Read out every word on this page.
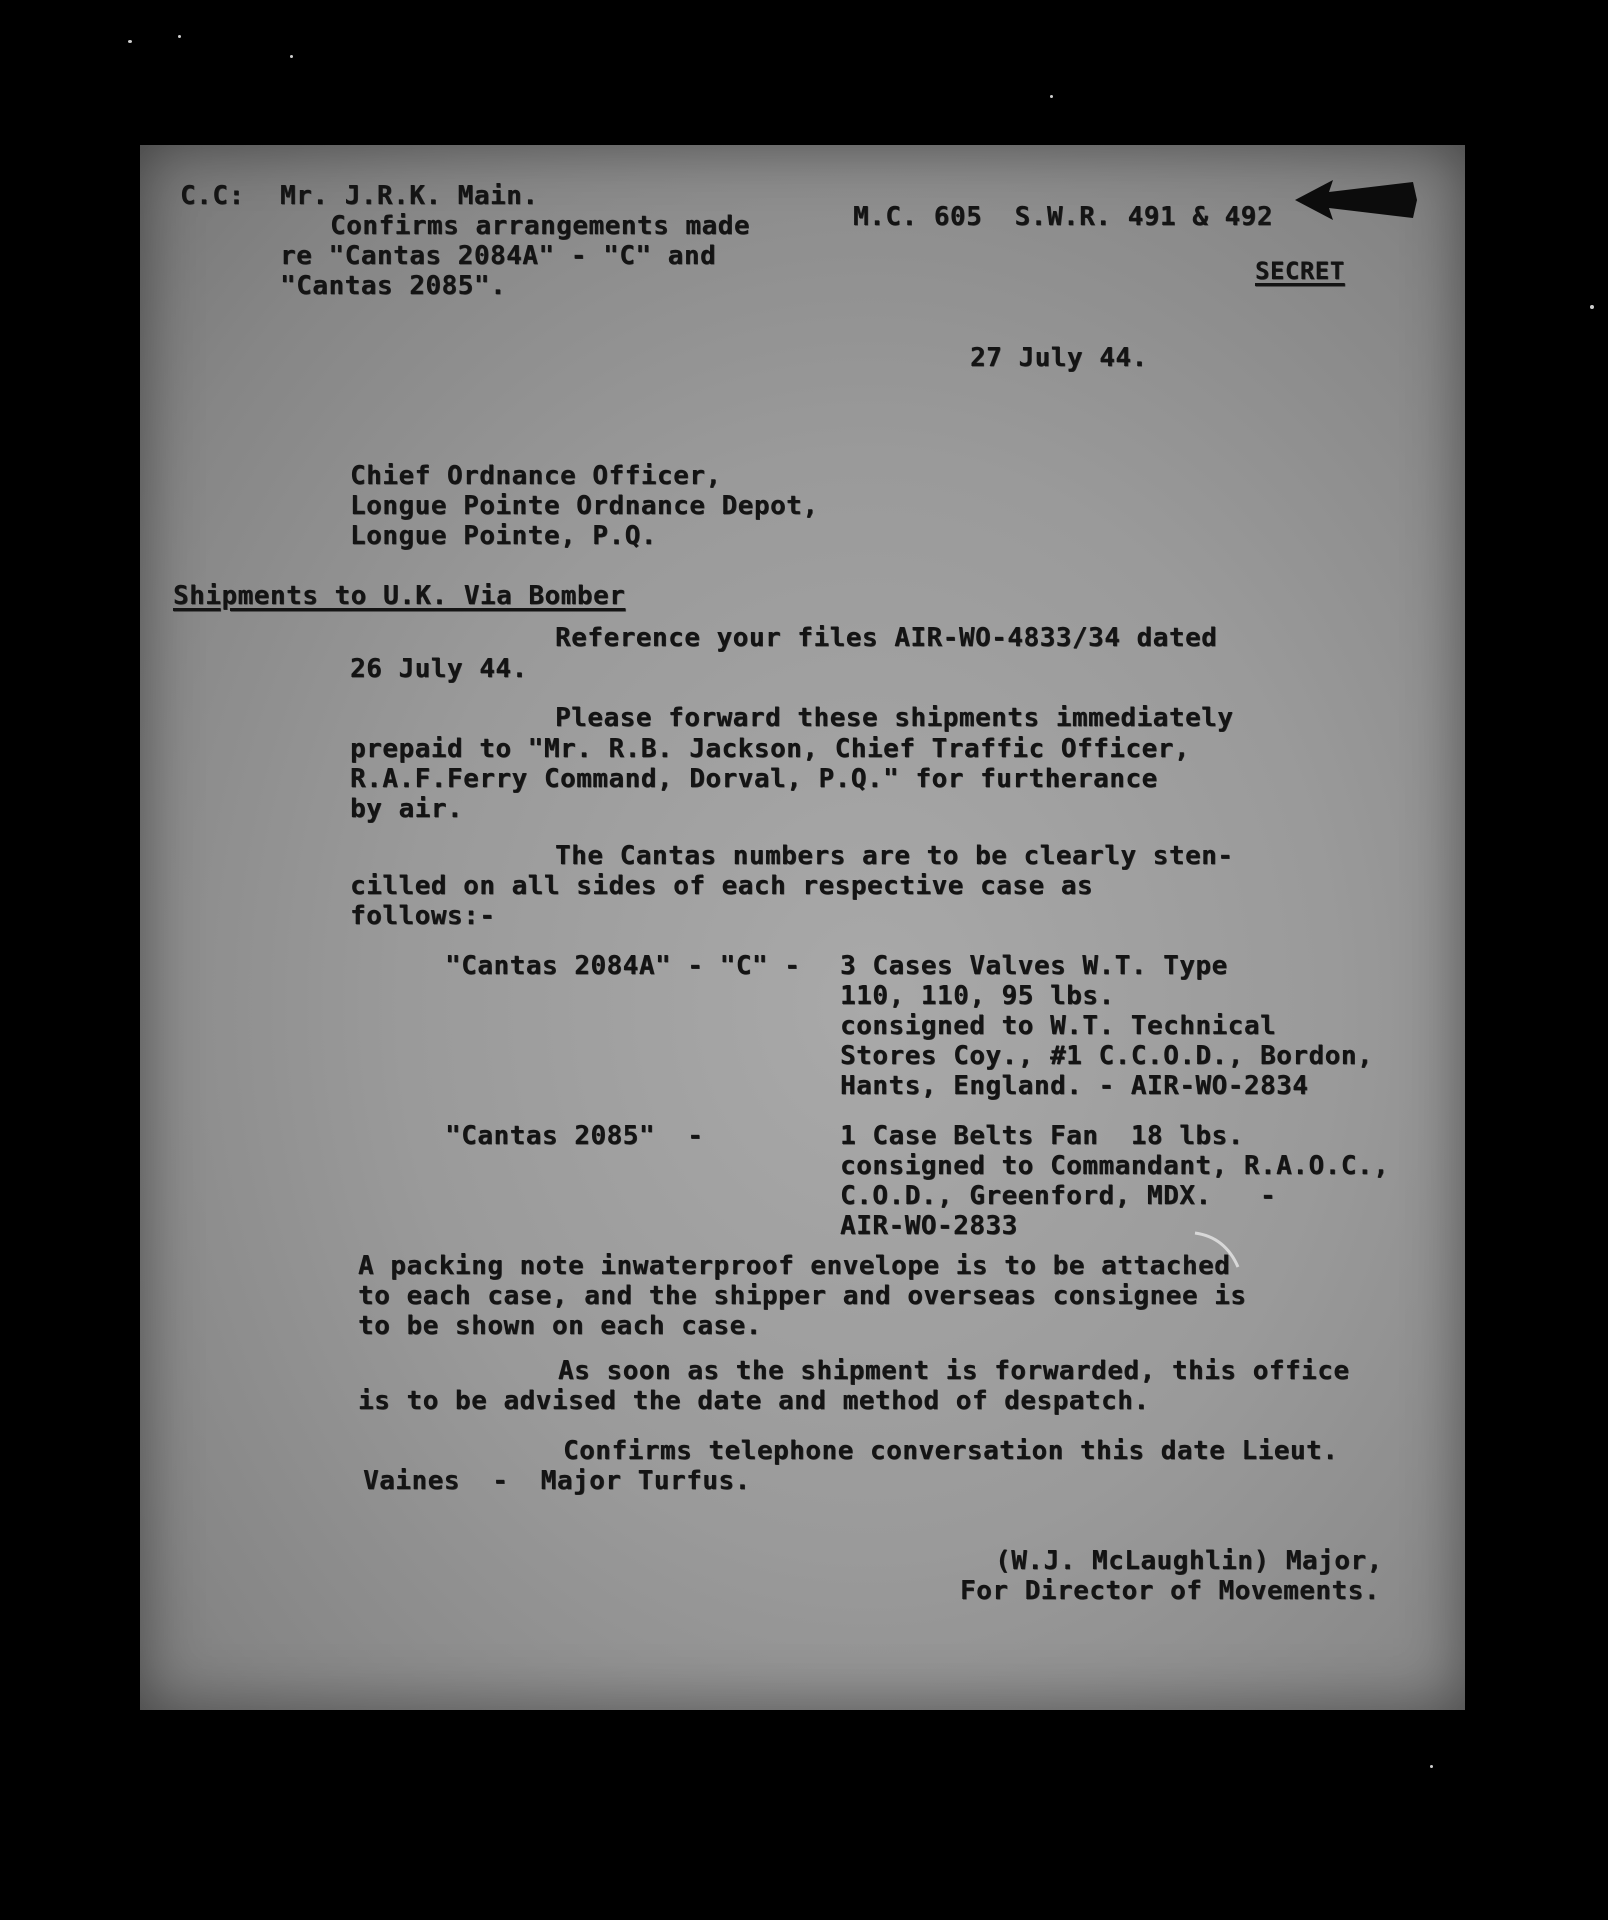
C.C: Mr. J.R.K. Main.
Confirms arrangements made
re "Cantas 2084A" - "C" and
"Cantas 2085".
M.C. 605  S.W.R. 491 & 492
SECRET
27 July 44.
Chief Ordnance Officer,
Longue Pointe Ordnance Depot,
Longue Pointe, P.Q.
Shipments to U.K. Via Bomber
Reference your files AIR-WO-4833/34 dated
26 July 44.
Please forward these shipments immediately
prepaid to "Mr. R.B. Jackson, Chief Traffic Officer,
R.A.F.Ferry Command, Dorval, P.Q." for furtherance
by air.
The Cantas numbers are to be clearly sten-
cilled on all sides of each respective case as
follows:-
"Cantas 2084A" - "C" - 3 Cases Valves W.T. Type
110, 110, 95 lbs.
consigned to W.T. Technical
Stores Coy., #1 C.C.O.D., Bordon,
Hants, England. - AIR-WO-2834
"Cantas 2085"  -	1 Case Belts Fan  18 lbs.
consigned to Commandant, R.A.O.C.,
C.O.D., Greenford, MDX.   -
AIR-WO-2833
A packing note inwaterproof envelope is to be attached
to each case, and the shipper and overseas consignee is
to be shown on each case.
As soon as the shipment is forwarded, this office
is to be advised the date and method of despatch.
Confirms telephone conversation this date Lieut.
Vaines  -  Major Turfus.
(W.J. McLaughlin) Major,
For Director of Movements.
